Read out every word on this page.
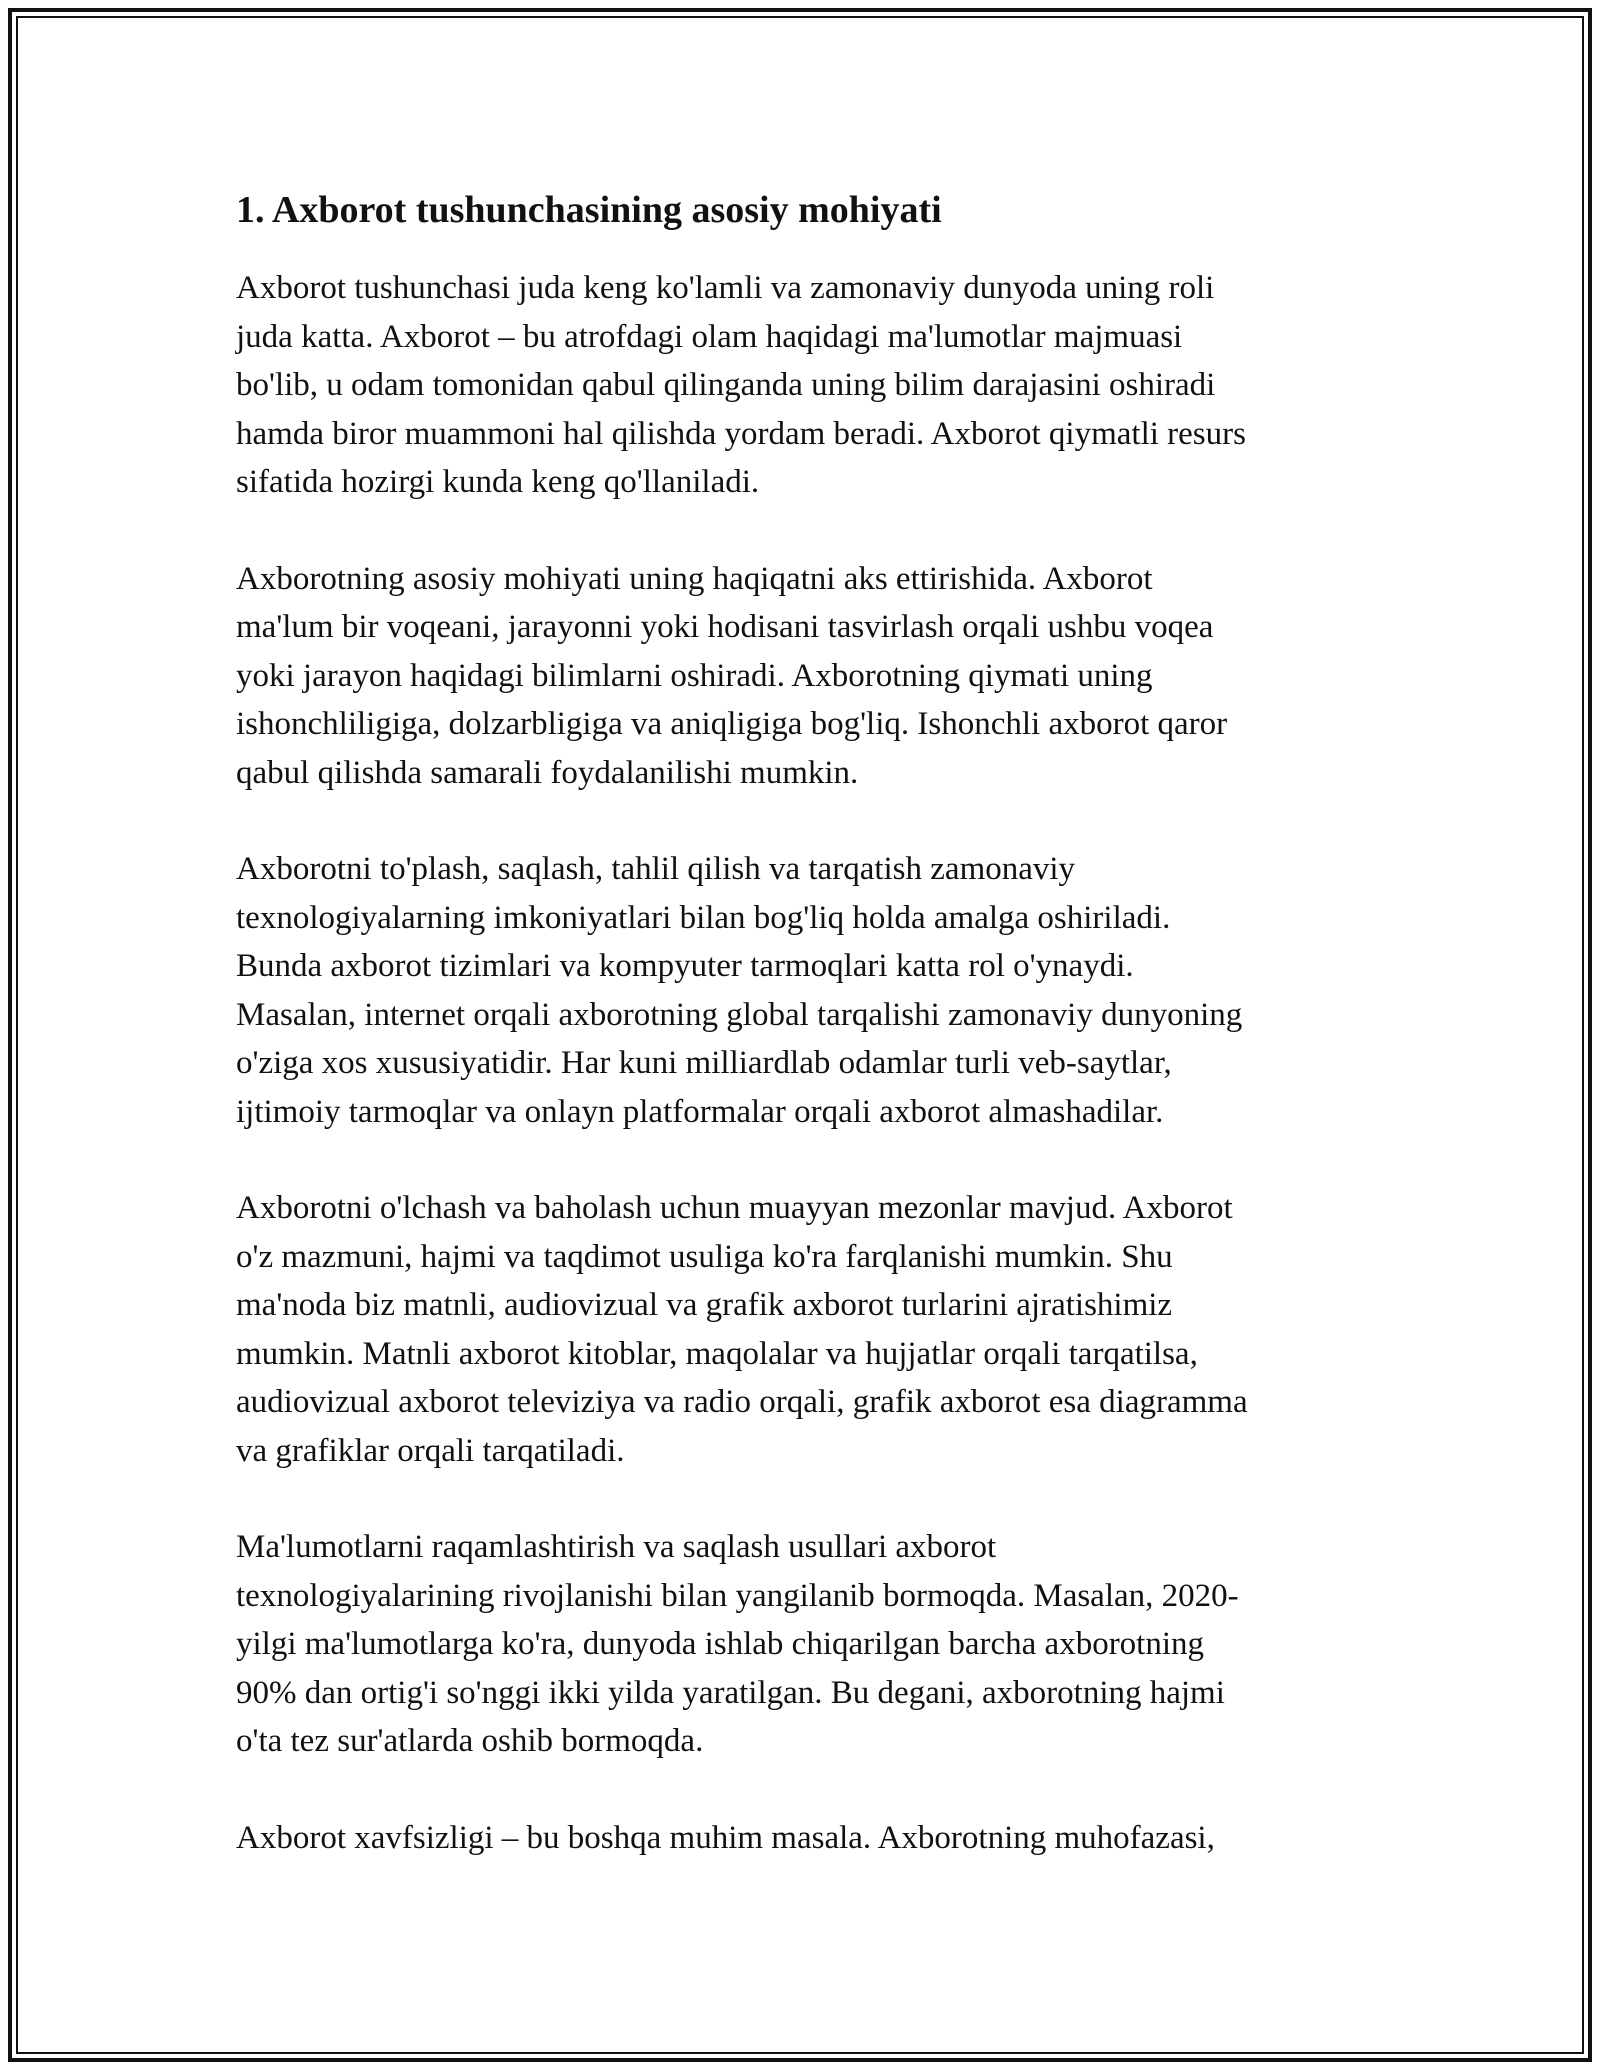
1. Axborot tushunchasining asosiy mohiyati

Axborot tushunchasi juda keng ko'lamli va zamonaviy dunyoda uning roli
juda katta. Axborot – bu atrofdagi olam haqidagi ma'lumotlar majmuasi
bo'lib, u odam tomonidan qabul qilinganda uning bilim darajasini oshiradi
hamda biror muammoni hal qilishda yordam beradi. Axborot qiymatli resurs
sifatida hozirgi kunda keng qo'llaniladi.

Axborotning asosiy mohiyati uning haqiqatni aks ettirishida. Axborot
ma'lum bir voqeani, jarayonni yoki hodisani tasvirlash orqali ushbu voqea
yoki jarayon haqidagi bilimlarni oshiradi. Axborotning qiymati uning
ishonchliligiga, dolzarbligiga va aniqligiga bog'liq. Ishonchli axborot qaror
qabul qilishda samarali foydalanilishi mumkin.

Axborotni to'plash, saqlash, tahlil qilish va tarqatish zamonaviy
texnologiyalarning imkoniyatlari bilan bog'liq holda amalga oshiriladi.
Bunda axborot tizimlari va kompyuter tarmoqlari katta rol o'ynaydi.
Masalan, internet orqali axborotning global tarqalishi zamonaviy dunyoning
o'ziga xos xususiyatidir. Har kuni milliardlab odamlar turli veb-saytlar,
ijtimoiy tarmoqlar va onlayn platformalar orqali axborot almashadilar.

Axborotni o'lchash va baholash uchun muayyan mezonlar mavjud. Axborot
o'z mazmuni, hajmi va taqdimot usuliga ko'ra farqlanishi mumkin. Shu
ma'noda biz matnli, audiovizual va grafik axborot turlarini ajratishimiz
mumkin. Matnli axborot kitoblar, maqolalar va hujjatlar orqali tarqatilsa,
audiovizual axborot televiziya va radio orqali, grafik axborot esa diagramma
va grafiklar orqali tarqatiladi.

Ma'lumotlarni raqamlashtirish va saqlash usullari axborot
texnologiyalarining rivojlanishi bilan yangilanib bormoqda. Masalan, 2020-
yilgi ma'lumotlarga ko'ra, dunyoda ishlab chiqarilgan barcha axborotning
90% dan ortig'i so'nggi ikki yilda yaratilgan. Bu degani, axborotning hajmi
o'ta tez sur'atlarda oshib bormoqda.

Axborot xavfsizligi – bu boshqa muhim masala. Axborotning muhofazasi,
